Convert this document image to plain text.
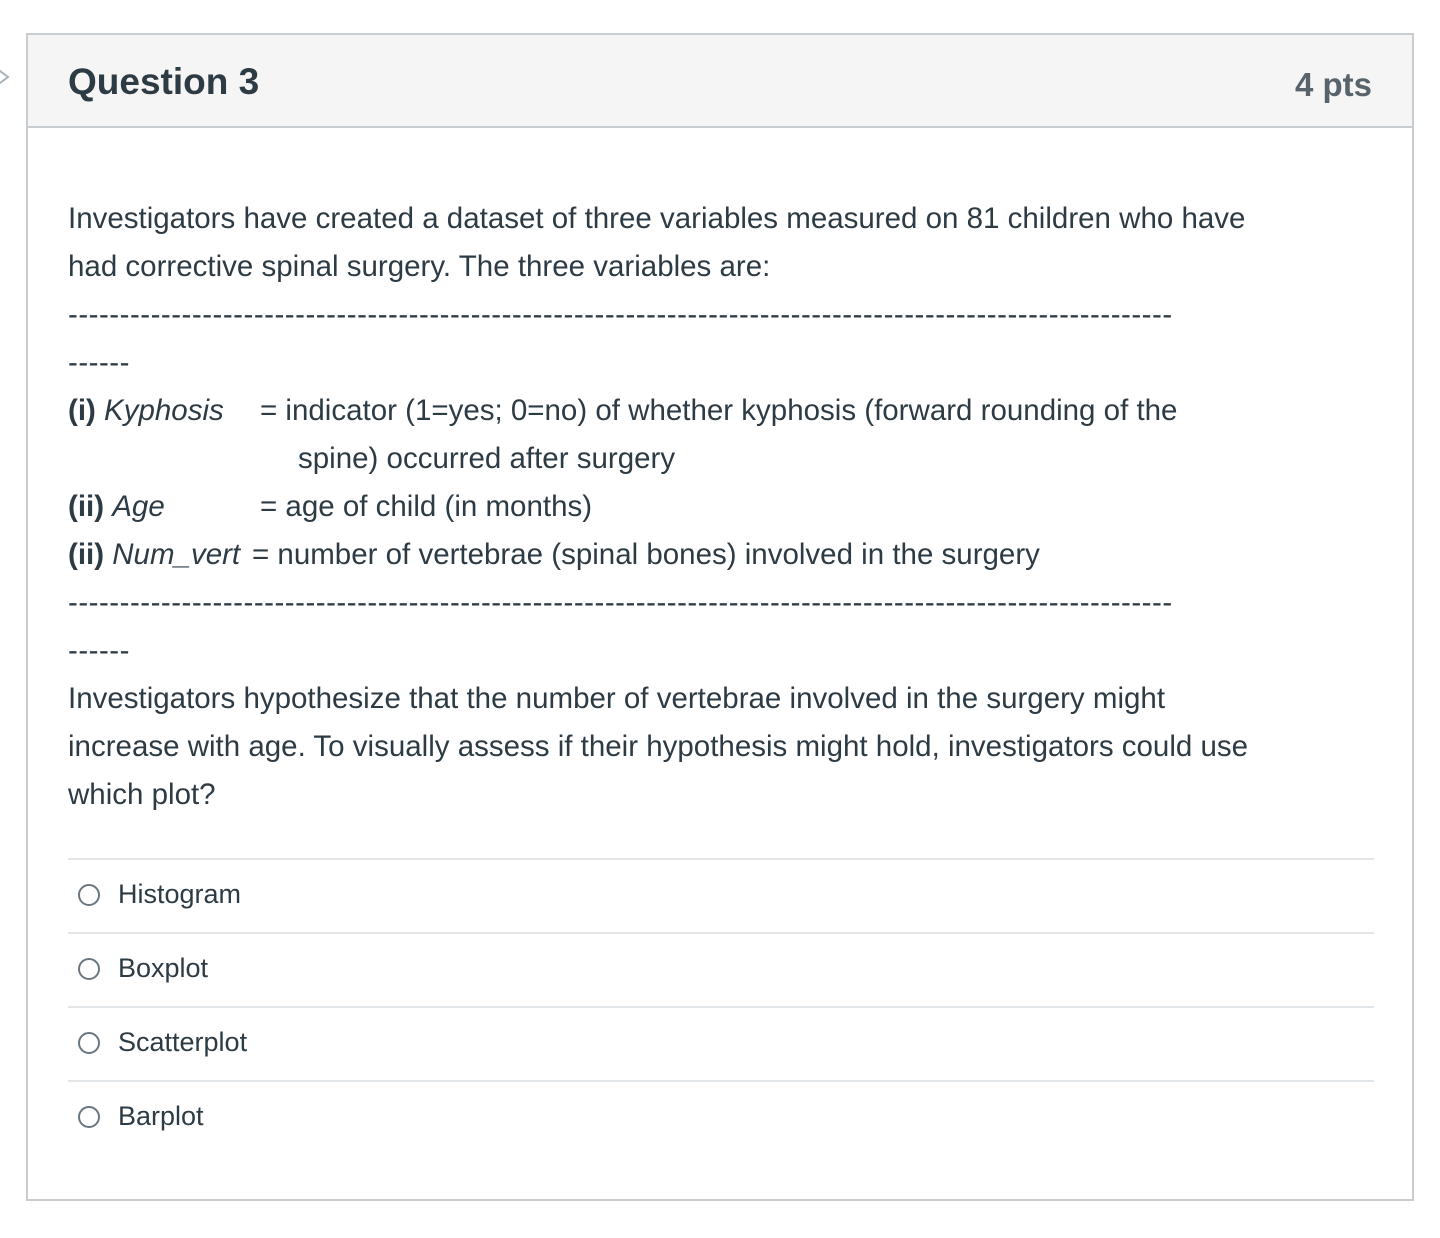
Question 3	4 pts

Investigators have created a dataset of three variables measured on 81 children who have

had corrective spinal surgery. The three variables are:

-----------------------------------------------------------------------------------------------------------

------

(i) Kyphosis	= indicator (1=yes; 0=no) of whether kyphosis (forward rounding of the
spine) occurred after surgery
(ii) Age	= age of child (in months)
(ii) Num_vert = number of vertebrae (spinal bones) involved in the surgery

-----------------------------------------------------------------------------------------------------------

------

Investigators hypothesize that the number of vertebrae involved in the surgery might

increase with age. To visually assess if their hypothesis might hold, investigators could use

which plot?

Histogram
Boxplot
Scatterplot
Barplot
